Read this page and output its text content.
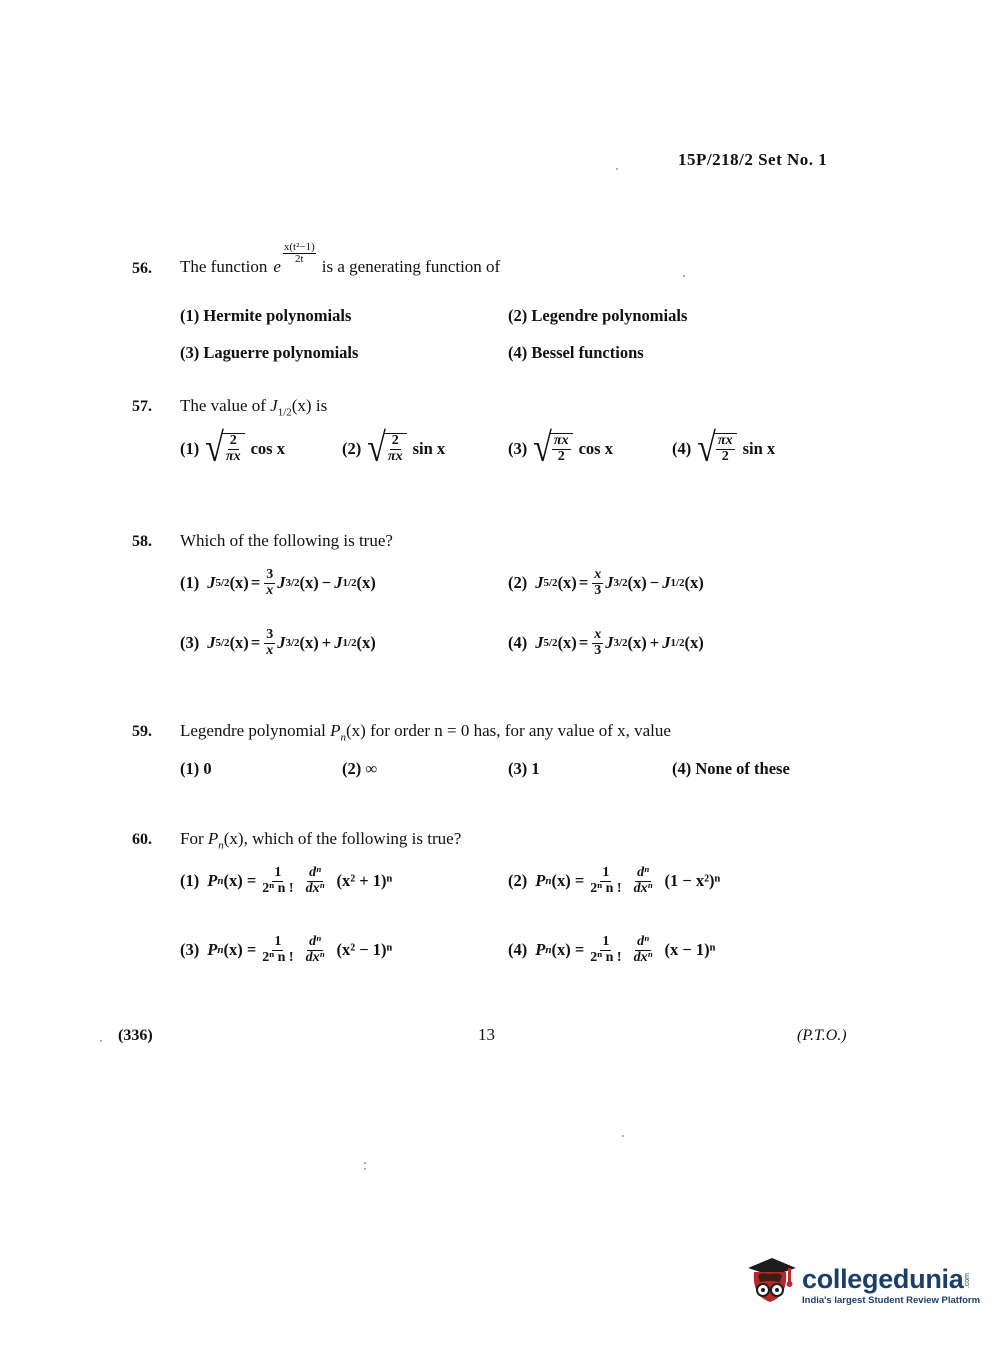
15P/218/2 Set No. 1
56. The function e
$\frac{\text{x(t²−1)}}{2t}$
is a generating function of
(1) Hermite polynomials	(2) Legendre polynomials
(3) Laguerre polynomials	(4) Bessel functions
57. The value of $J_{1/2}(x)$ is
(1) √ $\frac{2}{\pi x}$ cos x	(2) √ $\frac{2}{\pi x}$ sin x	(3) √ $\frac{\pi x}{2}$ cos x	(4) √ $\frac{\pi x}{2}$ sin x
58. Which of the following is true?
(1) J 5/2 $(x) = \frac{3}{x}$ J 3/2 (x) − J 1/2 (x)	(2) J 5/2 $(x) = \frac{x}{3}$ J 3/2 (x) − J 1/2 (x)
(3) J 5/2 $(x) = \frac{3}{x}$ J 3/2 (x) + J 1/2 (x)	(4) J 5/2 $(x) = \frac{x}{3}$ J 3/2 (x) + J 1/2 (x)
59. Legendre polynomial $P_n(x)$ for order n = 0 has, for any value of x, value
(1) 0	(2) ∞	(3) 1	(4) None of these
60. For $P_n(x)$, which of the following is true?
(1) P n $(x) = \frac{1}{\text{2ⁿ n !}} \frac{\text{dⁿ}}{\text{dxⁿ}} (x^2 + 1)^n$	(2) P n $(x) = \frac{1}{\text{2ⁿ n !}} \frac{\text{dⁿ}}{\text{dxⁿ}} (1 - x^2)^n$
(3) P n $(x) = \frac{1}{\text{2ⁿ n !}} \frac{\text{dⁿ}}{\text{dxⁿ}} (x^2 - 1)^n$	(4) P n $(x) = \frac{1}{\text{2ⁿ n !}} \frac{\text{dⁿ}}{\text{dxⁿ}} (x - 1)^n$
(336)	13	(P.T.O.)
collegedunia .com
India's largest Student Review Platform
